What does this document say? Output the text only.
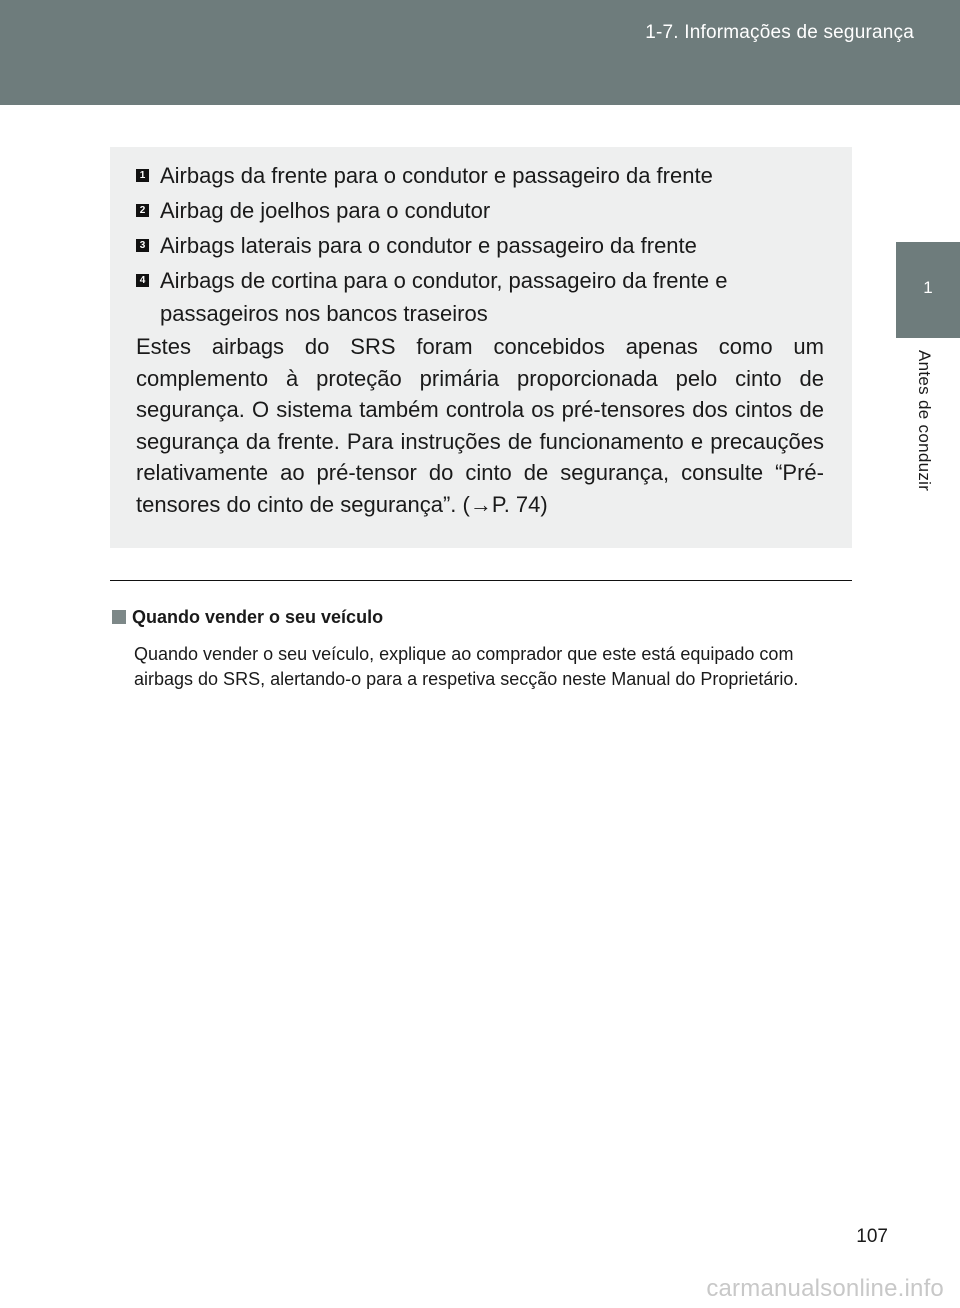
1-7. Informações de segurança
1
Antes de conduzir
1 Airbags da frente para o condutor e passageiro da frente
2 Airbag de joelhos para o condutor
3 Airbags laterais para o condutor e passageiro da frente
4 Airbags de cortina para o condutor, passageiro da frente e passageiros nos bancos traseiros
Estes airbags do SRS foram concebidos apenas como um complemento à proteção primária proporcionada pelo cinto de segurança. O sistema também controla os pré-tensores dos cintos de segurança da frente. Para instruções de funcionamento e precauções relativamente ao pré-tensor do cinto de segurança, consulte “Pré-tensores do cinto de segurança”. (→P. 74)
Quando vender o seu veículo
Quando vender o seu veículo, explique ao comprador que este está equipado com airbags do SRS, alertando-o para a respetiva secção neste Manual do Proprietário.
107
carmanualsonline.info
